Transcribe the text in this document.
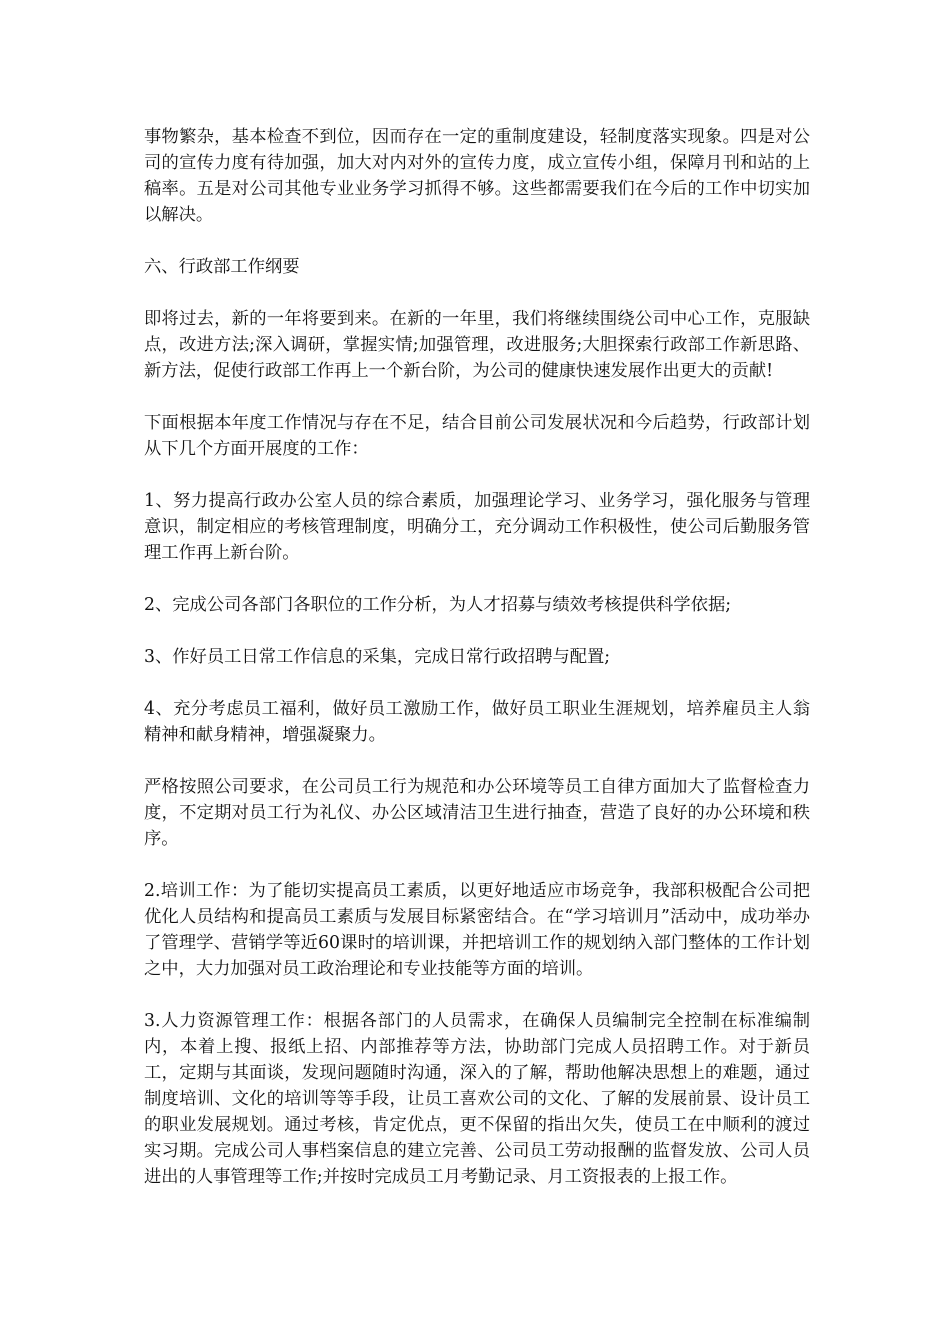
事物繁杂，基本检查不到位，因而存在一定的重制度建设，轻制度落实现象。四是对公司的宣传力度有待加强，加大对内对外的宣传力度，成立宣传小组，保障月刊和站的上稿率。五是对公司其他专业业务学习抓得不够。这些都需要我们在今后的工作中切实加以解决。

六、行政部工作纲要

即将过去，新的一年将要到来。在新的一年里，我们将继续围绕公司中心工作，克服缺点，改进方法;深入调研，掌握实情;加强管理，改进服务;大胆探索行政部工作新思路、新方法，促使行政部工作再上一个新台阶，为公司的健康快速发展作出更大的贡献!

下面根据本年度工作情况与存在不足，结合目前公司发展状况和今后趋势，行政部计划从下几个方面开展度的工作：

1、努力提高行政办公室人员的综合素质，加强理论学习、业务学习，强化服务与管理意识，制定相应的考核管理制度，明确分工，充分调动工作积极性，使公司后勤服务管理工作再上新台阶。

2、完成公司各部门各职位的工作分析，为人才招募与绩效考核提供科学依据;

3、作好员工日常工作信息的采集，完成日常行政招聘与配置;

4、充分考虑员工福利，做好员工激励工作，做好员工职业生涯规划，培养雇员主人翁精神和献身精神，增强凝聚力。

严格按照公司要求，在公司员工行为规范和办公环境等员工自律方面加大了监督检查力度，不定期对员工行为礼仪、办公区域清洁卫生进行抽查，营造了良好的办公环境和秩序。

2.培训工作：为了能切实提高员工素质，以更好地适应市场竞争，我部积极配合公司把优化人员结构和提高员工素质与发展目标紧密结合。在“学习培训月”活动中，成功举办了管理学、营销学等近60课时的培训课，并把培训工作的规划纳入部门整体的工作计划之中，大力加强对员工政治理论和专业技能等方面的培训。

3.人力资源管理工作：根据各部门的人员需求，在确保人员编制完全控制在标准编制内，本着上搜、报纸上招、内部推荐等方法，协助部门完成人员招聘工作。对于新员工，定期与其面谈，发现问题随时沟通，深入的了解，帮助他解决思想上的难题，通过制度培训、文化的培训等等手段，让员工喜欢公司的文化、了解的发展前景、设计员工的职业发展规划。通过考核，肯定优点，更不保留的指出欠失，使员工在中顺利的渡过实习期。完成公司人事档案信息的建立完善、公司员工劳动报酬的监督发放、公司人员进出的人事管理等工作;并按时完成员工月考勤记录、月工资报表的上报工作。
